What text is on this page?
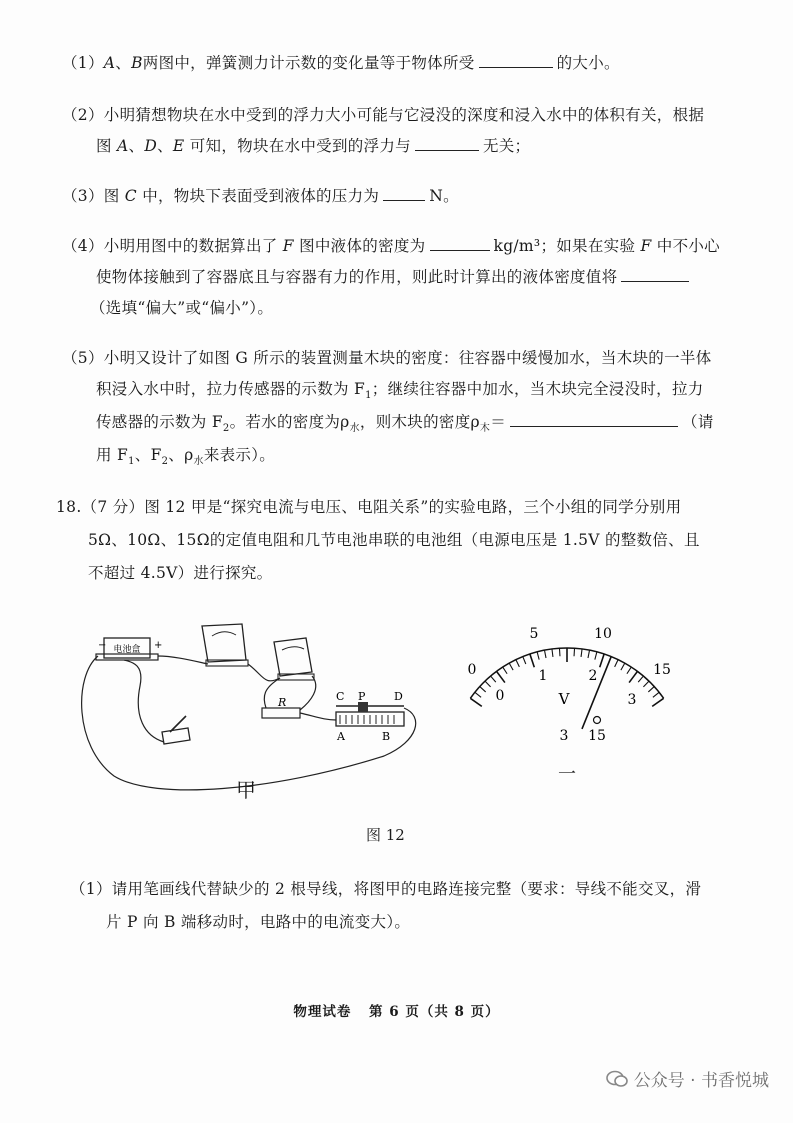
（1）A、B两图中，弹簧测力计示数的变化量等于物体所受	的大小。
（2）小明猜想物块在水中受到的浮力大小可能与它浸没的深度和浸入水中的体积有关，根据
图 A、D、E 可知，物块在水中受到的浮力与	无关；
（3）图 C 中，物块下表面受到液体的压力为	N。
（4）小明用图中的数据算出了 F 图中液体的密度为	kg/m³；如果在实验 F 中不小心
使物体接触到了容器底且与容器有力的作用，则此时计算出的液体密度值将
（选填“偏大”或“偏小”）。
（5）小明又设计了如图 G 所示的装置测量木块的密度：往容器中缓慢加水，当木块的一半体
积浸入水中时，拉力传感器的示数为 $F_1$；继续往容器中加水，当木块完全浸没时，拉力
传感器的示数为 $F_2$。若水的密度为$\rho_水$，则木块的密度$\rho_木=$	（请
用 $F_1$、$F_2$、$\rho_水$来表示）。
18.（7 分）图 12 甲是“探究电流与电压、电阻关系”的实验电路，三个小组的同学分别用
5Ω、10Ω、15Ω的定值电阻和几节电池串联的电池组（电源电压是 1.5V 的整数倍、且
不超过 4.5V）进行探究。
电池盒
−	+
R	C P	D
A	B
甲
0
5	10
15
0
1	2
3
V
3 15
一
图 12
（1）请用笔画线代替缺少的 2 根导线，将图甲的电路连接完整（要求：导线不能交叉，滑
片 P 向 B 端移动时，电路中的电流变大）。
物理试卷 第 6 页（共 8 页）
公众号 · 书香悦城
